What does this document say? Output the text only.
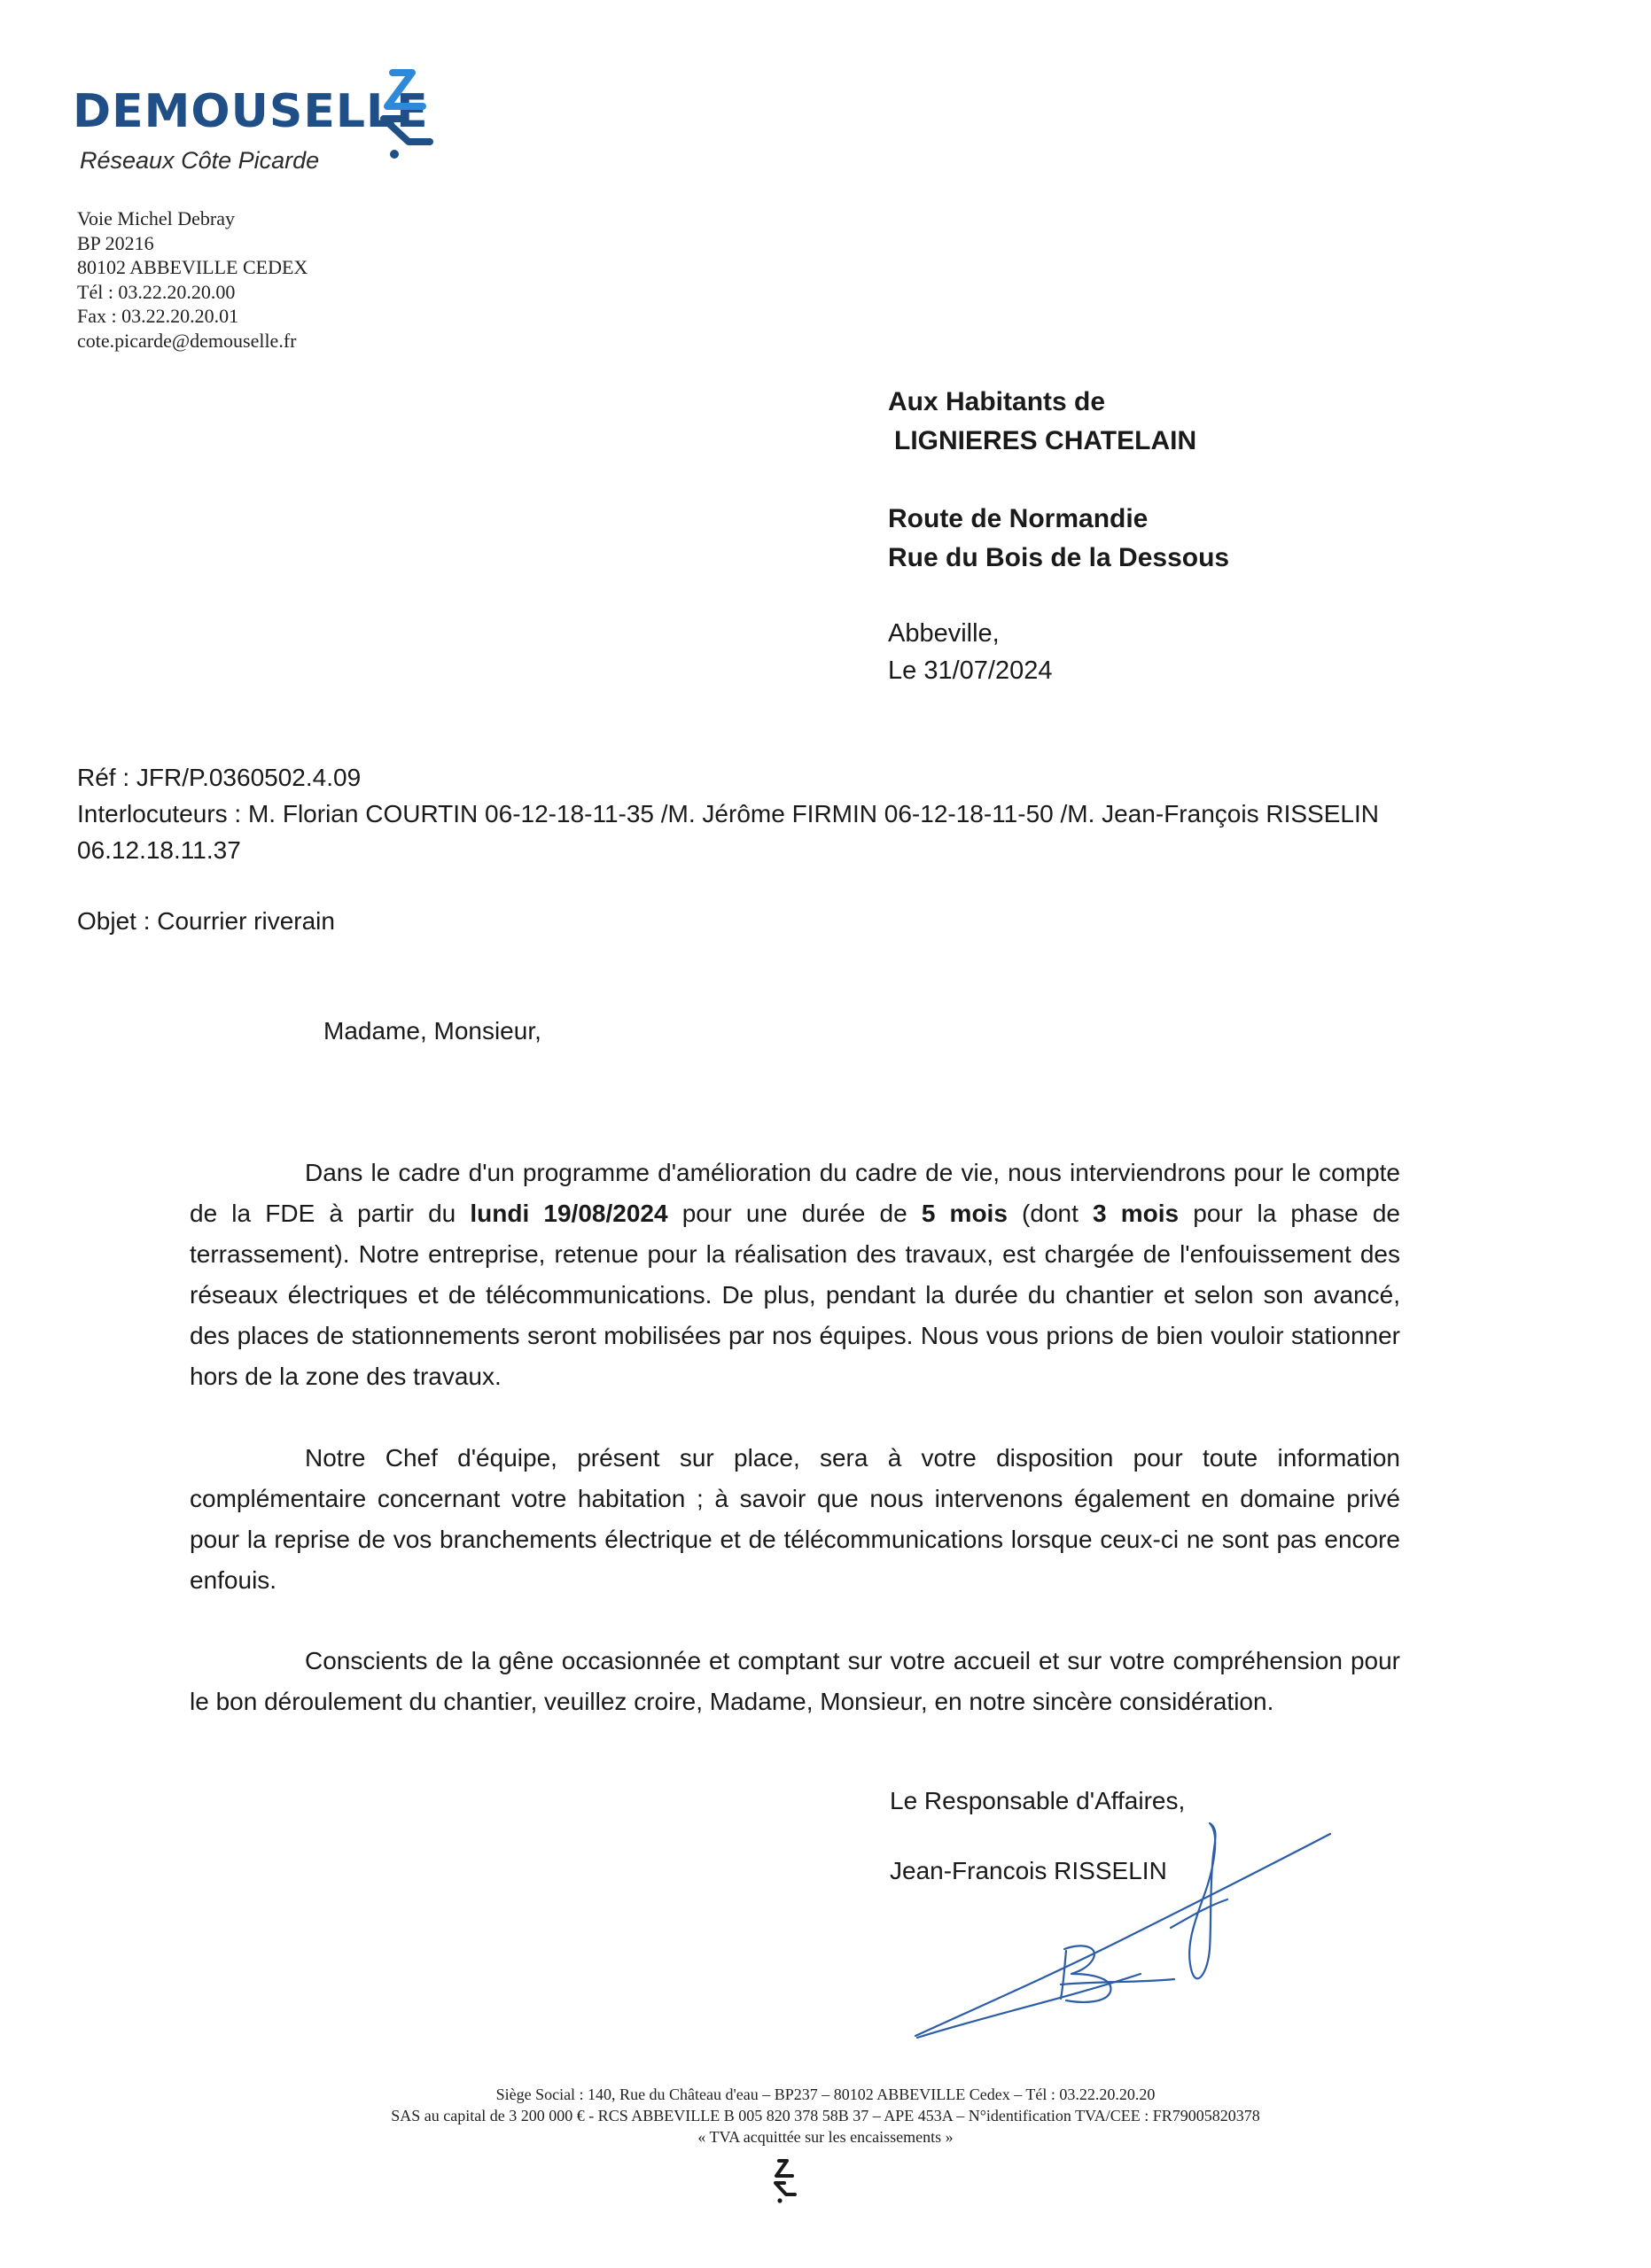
DEMOUSELLE
Réseaux Côte Picarde
Voie Michel Debray
BP 20216
80102 ABBEVILLE CEDEX
Tél : 03.22.20.20.00
Fax : 03.22.20.20.01
cote.picarde@demouselle.fr
Aux Habitants de
LIGNIERES CHATELAIN
Route de Normandie
Rue du Bois de la Dessous
Abbeville,
Le 31/07/2024
Réf : JFR/P.0360502.4.09
Interlocuteurs : M. Florian COURTIN 06-12-18-11-35 /M. Jérôme FIRMIN 06-12-18-11-50 /M. Jean-François RISSELIN
06.12.18.11.37
Objet : Courrier riverain
Madame, Monsieur,

Dans le cadre d'un programme d'amélioration du cadre de vie, nous interviendrons pour le compte de la FDE à partir du lundi 19/08/2024 pour une durée de 5 mois (dont 3 mois pour la phase de terrassement). Notre entreprise, retenue pour la réalisation des travaux, est chargée de l'enfouissement des réseaux électriques et de télécommunications. De plus, pendant la durée du chantier et selon son avancé, des places de stationnements seront mobilisées par nos équipes. Nous vous prions de bien vouloir stationner hors de la zone des travaux.

Notre Chef d'équipe, présent sur place, sera à votre disposition pour toute information complémentaire concernant votre habitation ; à savoir que nous intervenons également en domaine privé pour la reprise de vos branchements électrique et de télécommunications lorsque ceux-ci ne sont pas encore enfouis.

Conscients de la gêne occasionnée et comptant sur votre accueil et sur votre compréhension pour le bon déroulement du chantier, veuillez croire, Madame, Monsieur, en notre sincère considération.

Le Responsable d'Affaires,
Jean-Francois RISSELIN
Siège Social : 140, Rue du Château d'eau – BP237 – 80102 ABBEVILLE Cedex – Tél : 03.22.20.20.20
SAS au capital de 3 200 000 € - RCS ABBEVILLE B 005 820 378 58B 37 – APE 453A – N°identification TVA/CEE : FR79005820378
« TVA acquittée sur les encaissements »
